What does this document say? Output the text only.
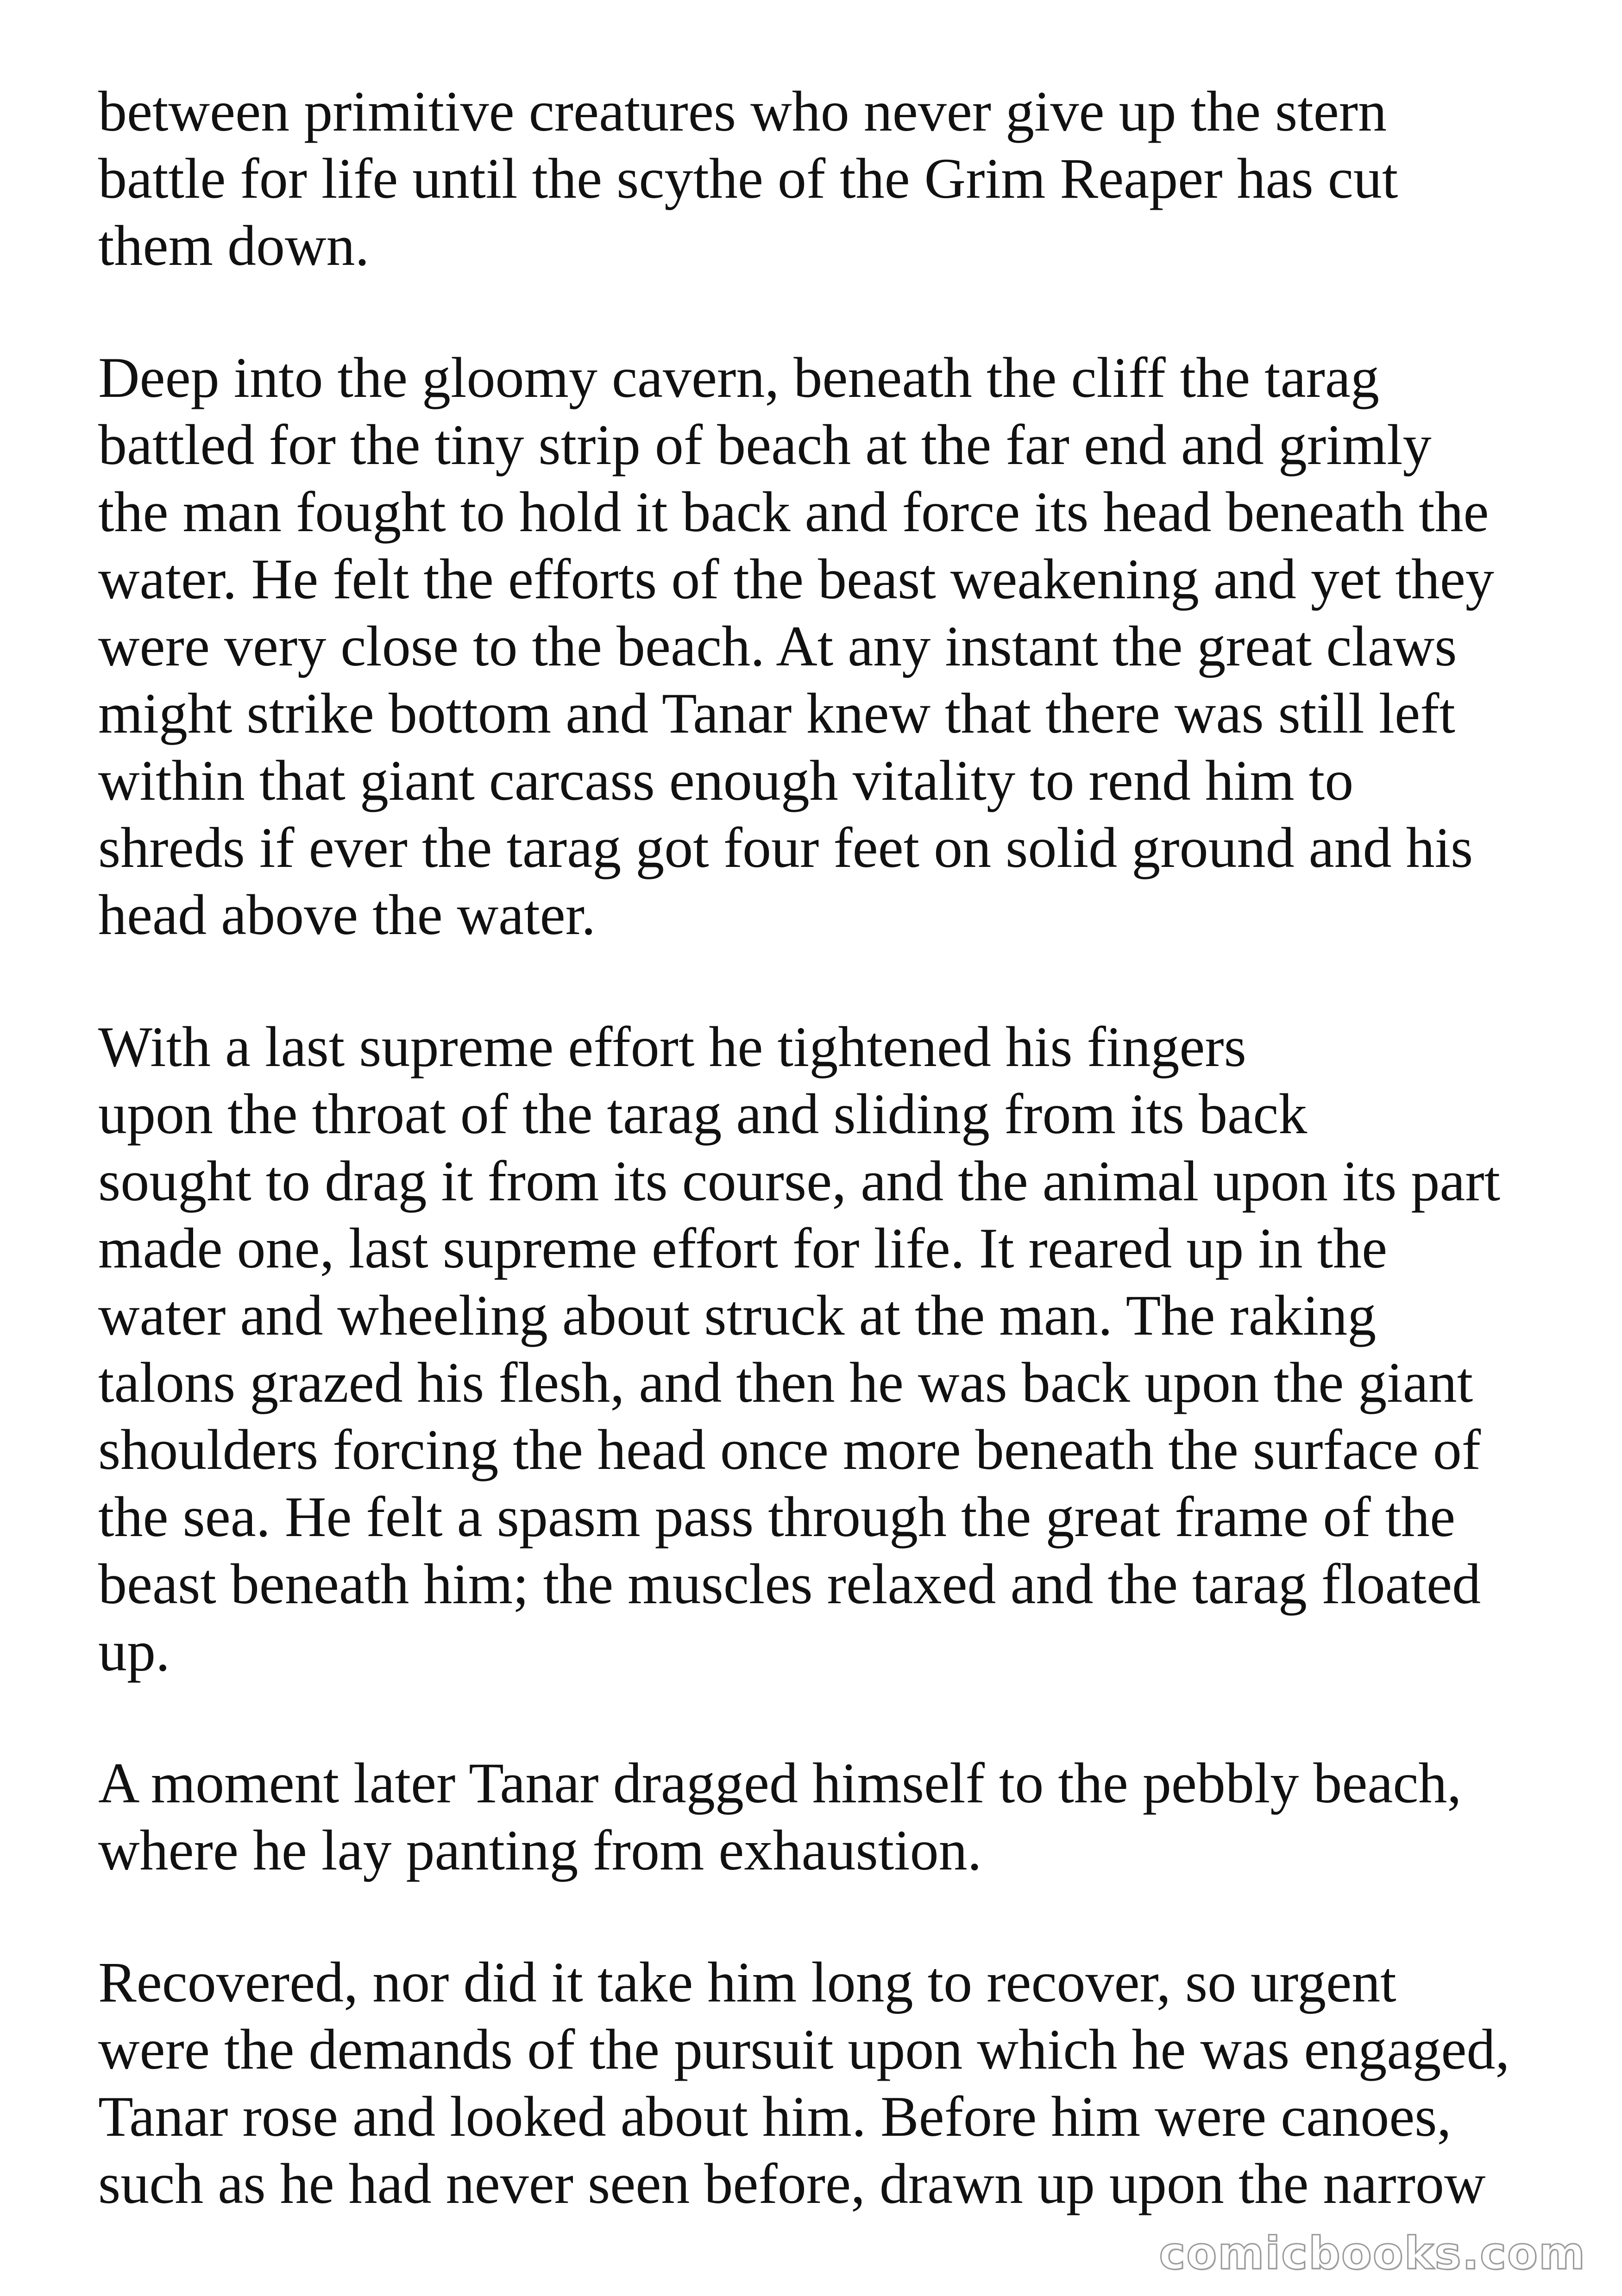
between primitive creatures who never give up the stern
battle for life until the scythe of the Grim Reaper has cut
them down.

Deep into the gloomy cavern, beneath the cliff the tarag
battled for the tiny strip of beach at the far end and grimly
the man fought to hold it back and force its head beneath the
water. He felt the efforts of the beast weakening and yet they
were very close to the beach. At any instant the great claws
might strike bottom and Tanar knew that there was still left
within that giant carcass enough vitality to rend him to
shreds if ever the tarag got four feet on solid ground and his
head above the water.

With a last supreme effort he tightened his fingers
upon the throat of the tarag and sliding from its back
sought to drag it from its course, and the animal upon its part
made one, last supreme effort for life. It reared up in the
water and wheeling about struck at the man. The raking
talons grazed his flesh, and then he was back upon the giant
shoulders forcing the head once more beneath the surface of
the sea. He felt a spasm pass through the great frame of the
beast beneath him; the muscles relaxed and the tarag floated
up.

A moment later Tanar dragged himself to the pebbly beach,
where he lay panting from exhaustion.

Recovered, nor did it take him long to recover, so urgent
were the demands of the pursuit upon which he was engaged,
Tanar rose and looked about him. Before him were canoes,
such as he had never seen before, drawn up upon the narrow

comicbooks.com
